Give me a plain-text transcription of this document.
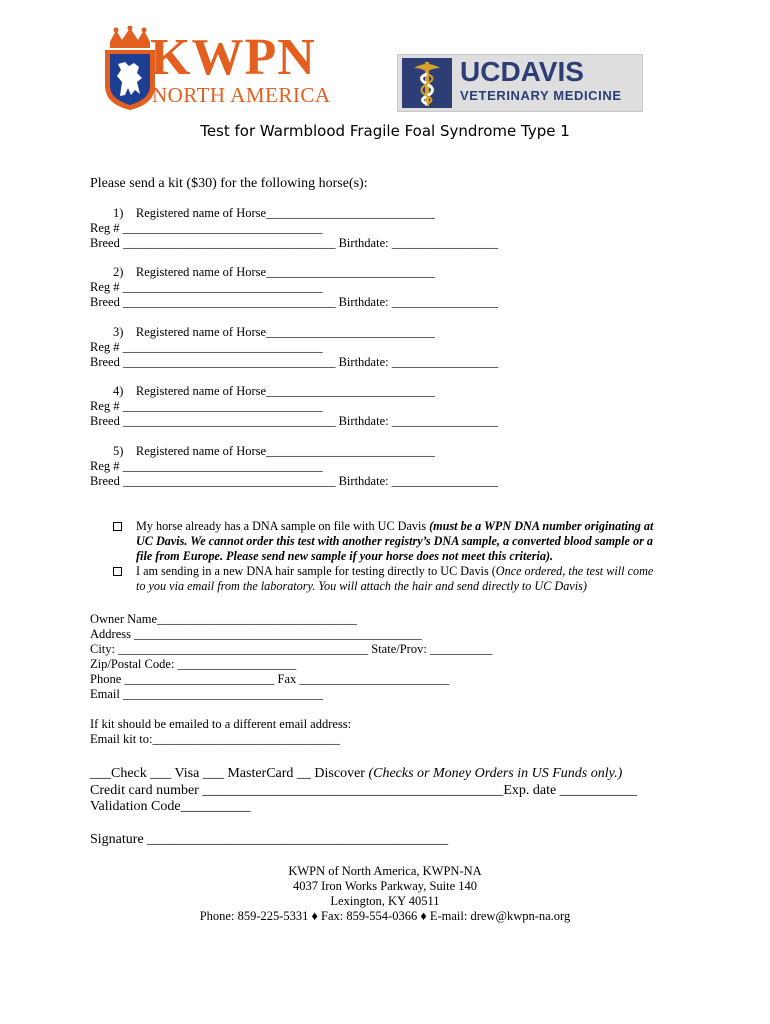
KWPN
NORTH AMERICA
UCDAVIS
VETERINARY MEDICINE
Test for Warmblood Fragile Foal Syndrome Type 1
Please send a kit ($30) for the following horse(s):
1)    Registered name of Horse___________________________
Reg # ________________________________
Breed __________________________________ Birthdate: _________________
2)    Registered name of Horse___________________________
Reg # ________________________________
Breed __________________________________ Birthdate: _________________
3)    Registered name of Horse___________________________
Reg # ________________________________
Breed __________________________________ Birthdate: _________________
4)    Registered name of Horse___________________________
Reg # ________________________________
Breed __________________________________ Birthdate: _________________
5)    Registered name of Horse___________________________
Reg # ________________________________
Breed __________________________________ Birthdate: _________________
My horse already has a DNA sample on file with UC Davis (must be a WPN DNA number originating at
UC Davis. We cannot order this test with another registry’s DNA sample, a converted blood sample or a
file from Europe. Please send new sample if your horse does not meet this criteria).
I am sending in a new DNA hair sample for testing directly to UC Davis (Once ordered, the test will come
to you via email from the laboratory. You will attach the hair and send directly to UC Davis)
Owner Name________________________________
Address ______________________________________________
City: ________________________________________ State/Prov: __________
Zip/Postal Code: ___________________
Phone ________________________ Fax ________________________
Email ________________________________
If kit should be emailed to a different email address:
Email kit to:______________________________
___Check ___ Visa ___ MasterCard __ Discover (Checks or Money Orders in US Funds only.)
Credit card number ___________________________________________Exp. date ___________
Validation Code__________
Signature ___________________________________________
KWPN of North America, KWPN-NA
4037 Iron Works Parkway, Suite 140
Lexington, KY 40511
Phone: 859-225-5331 ♦ Fax: 859-554-0366 ♦ E-mail: drew@kwpn-na.org
